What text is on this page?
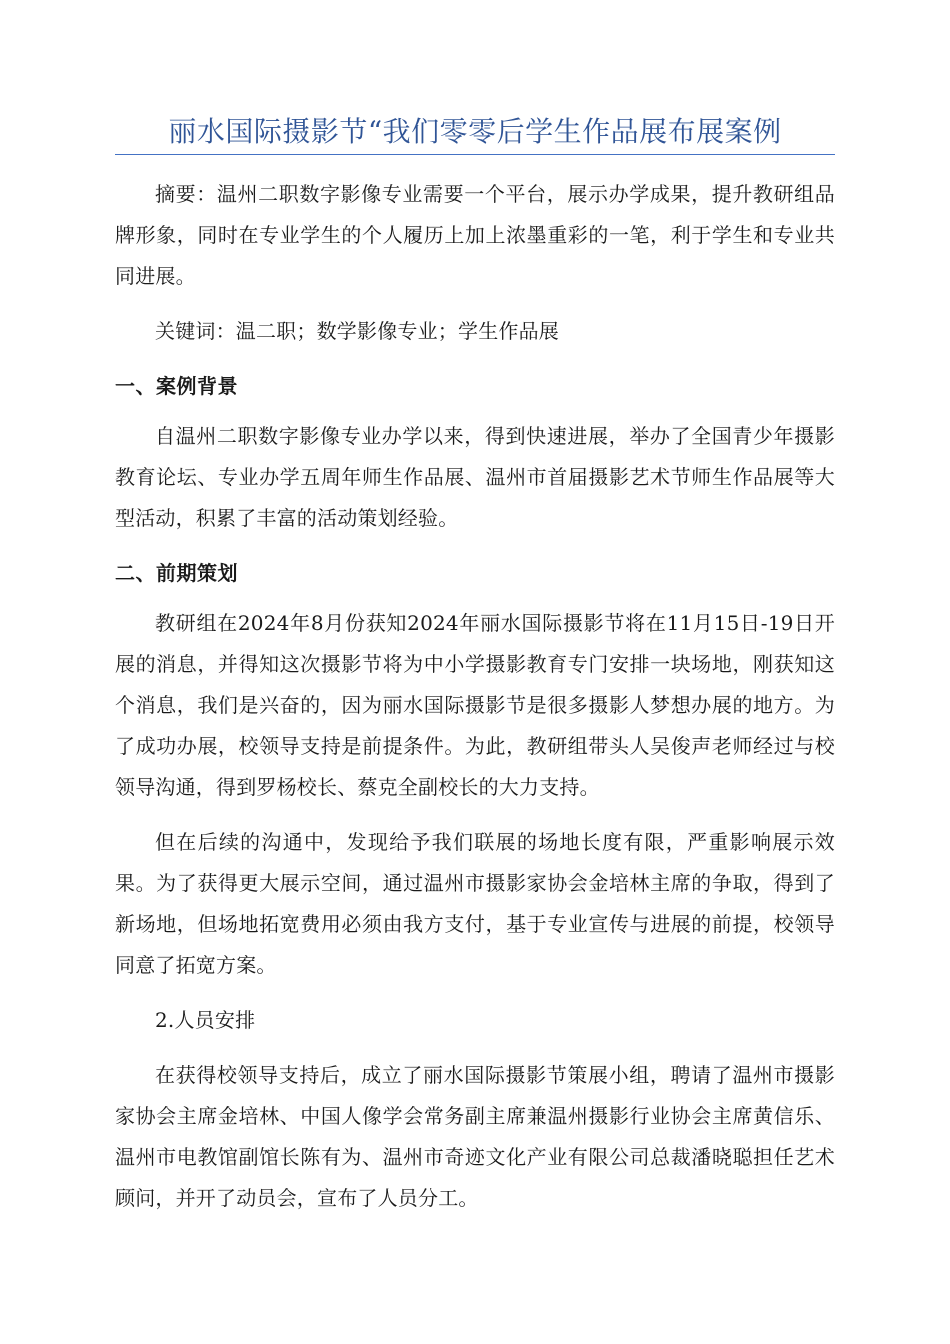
丽水国际摄影节“我们零零后学生作品展布展案例

摘要：温州二职数字影像专业需要一个平台，展示办学成果，提升教研组品牌形象，同时在专业学生的个人履历上加上浓墨重彩的一笔，利于学生和专业共同进展。

关键词：温二职；数学影像专业；学生作品展

一、案例背景

自温州二职数字影像专业办学以来，得到快速进展，举办了全国青少年摄影教育论坛、专业办学五周年师生作品展、温州市首届摄影艺术节师生作品展等大型活动，积累了丰富的活动策划经验。

二、前期策划

教研组在2024年8月份获知2024年丽水国际摄影节将在11月15日-19日开展的消息，并得知这次摄影节将为中小学摄影教育专门安排一块场地，刚获知这个消息，我们是兴奋的，因为丽水国际摄影节是很多摄影人梦想办展的地方。为了成功办展，校领导支持是前提条件。为此，教研组带头人吴俊声老师经过与校领导沟通，得到罗杨校长、蔡克全副校长的大力支持。

但在后续的沟通中，发现给予我们联展的场地长度有限，严重影响展示效果。为了获得更大展示空间，通过温州市摄影家协会金培林主席的争取，得到了新场地，但场地拓宽费用必须由我方支付，基于专业宣传与进展的前提，校领导同意了拓宽方案。

2.人员安排

在获得校领导支持后，成立了丽水国际摄影节策展小组，聘请了温州市摄影家协会主席金培林、中国人像学会常务副主席兼温州摄影行业协会主席黄信乐、温州市电教馆副馆长陈有为、温州市奇迹文化产业有限公司总裁潘晓聪担任艺术顾问，并开了动员会，宣布了人员分工。
